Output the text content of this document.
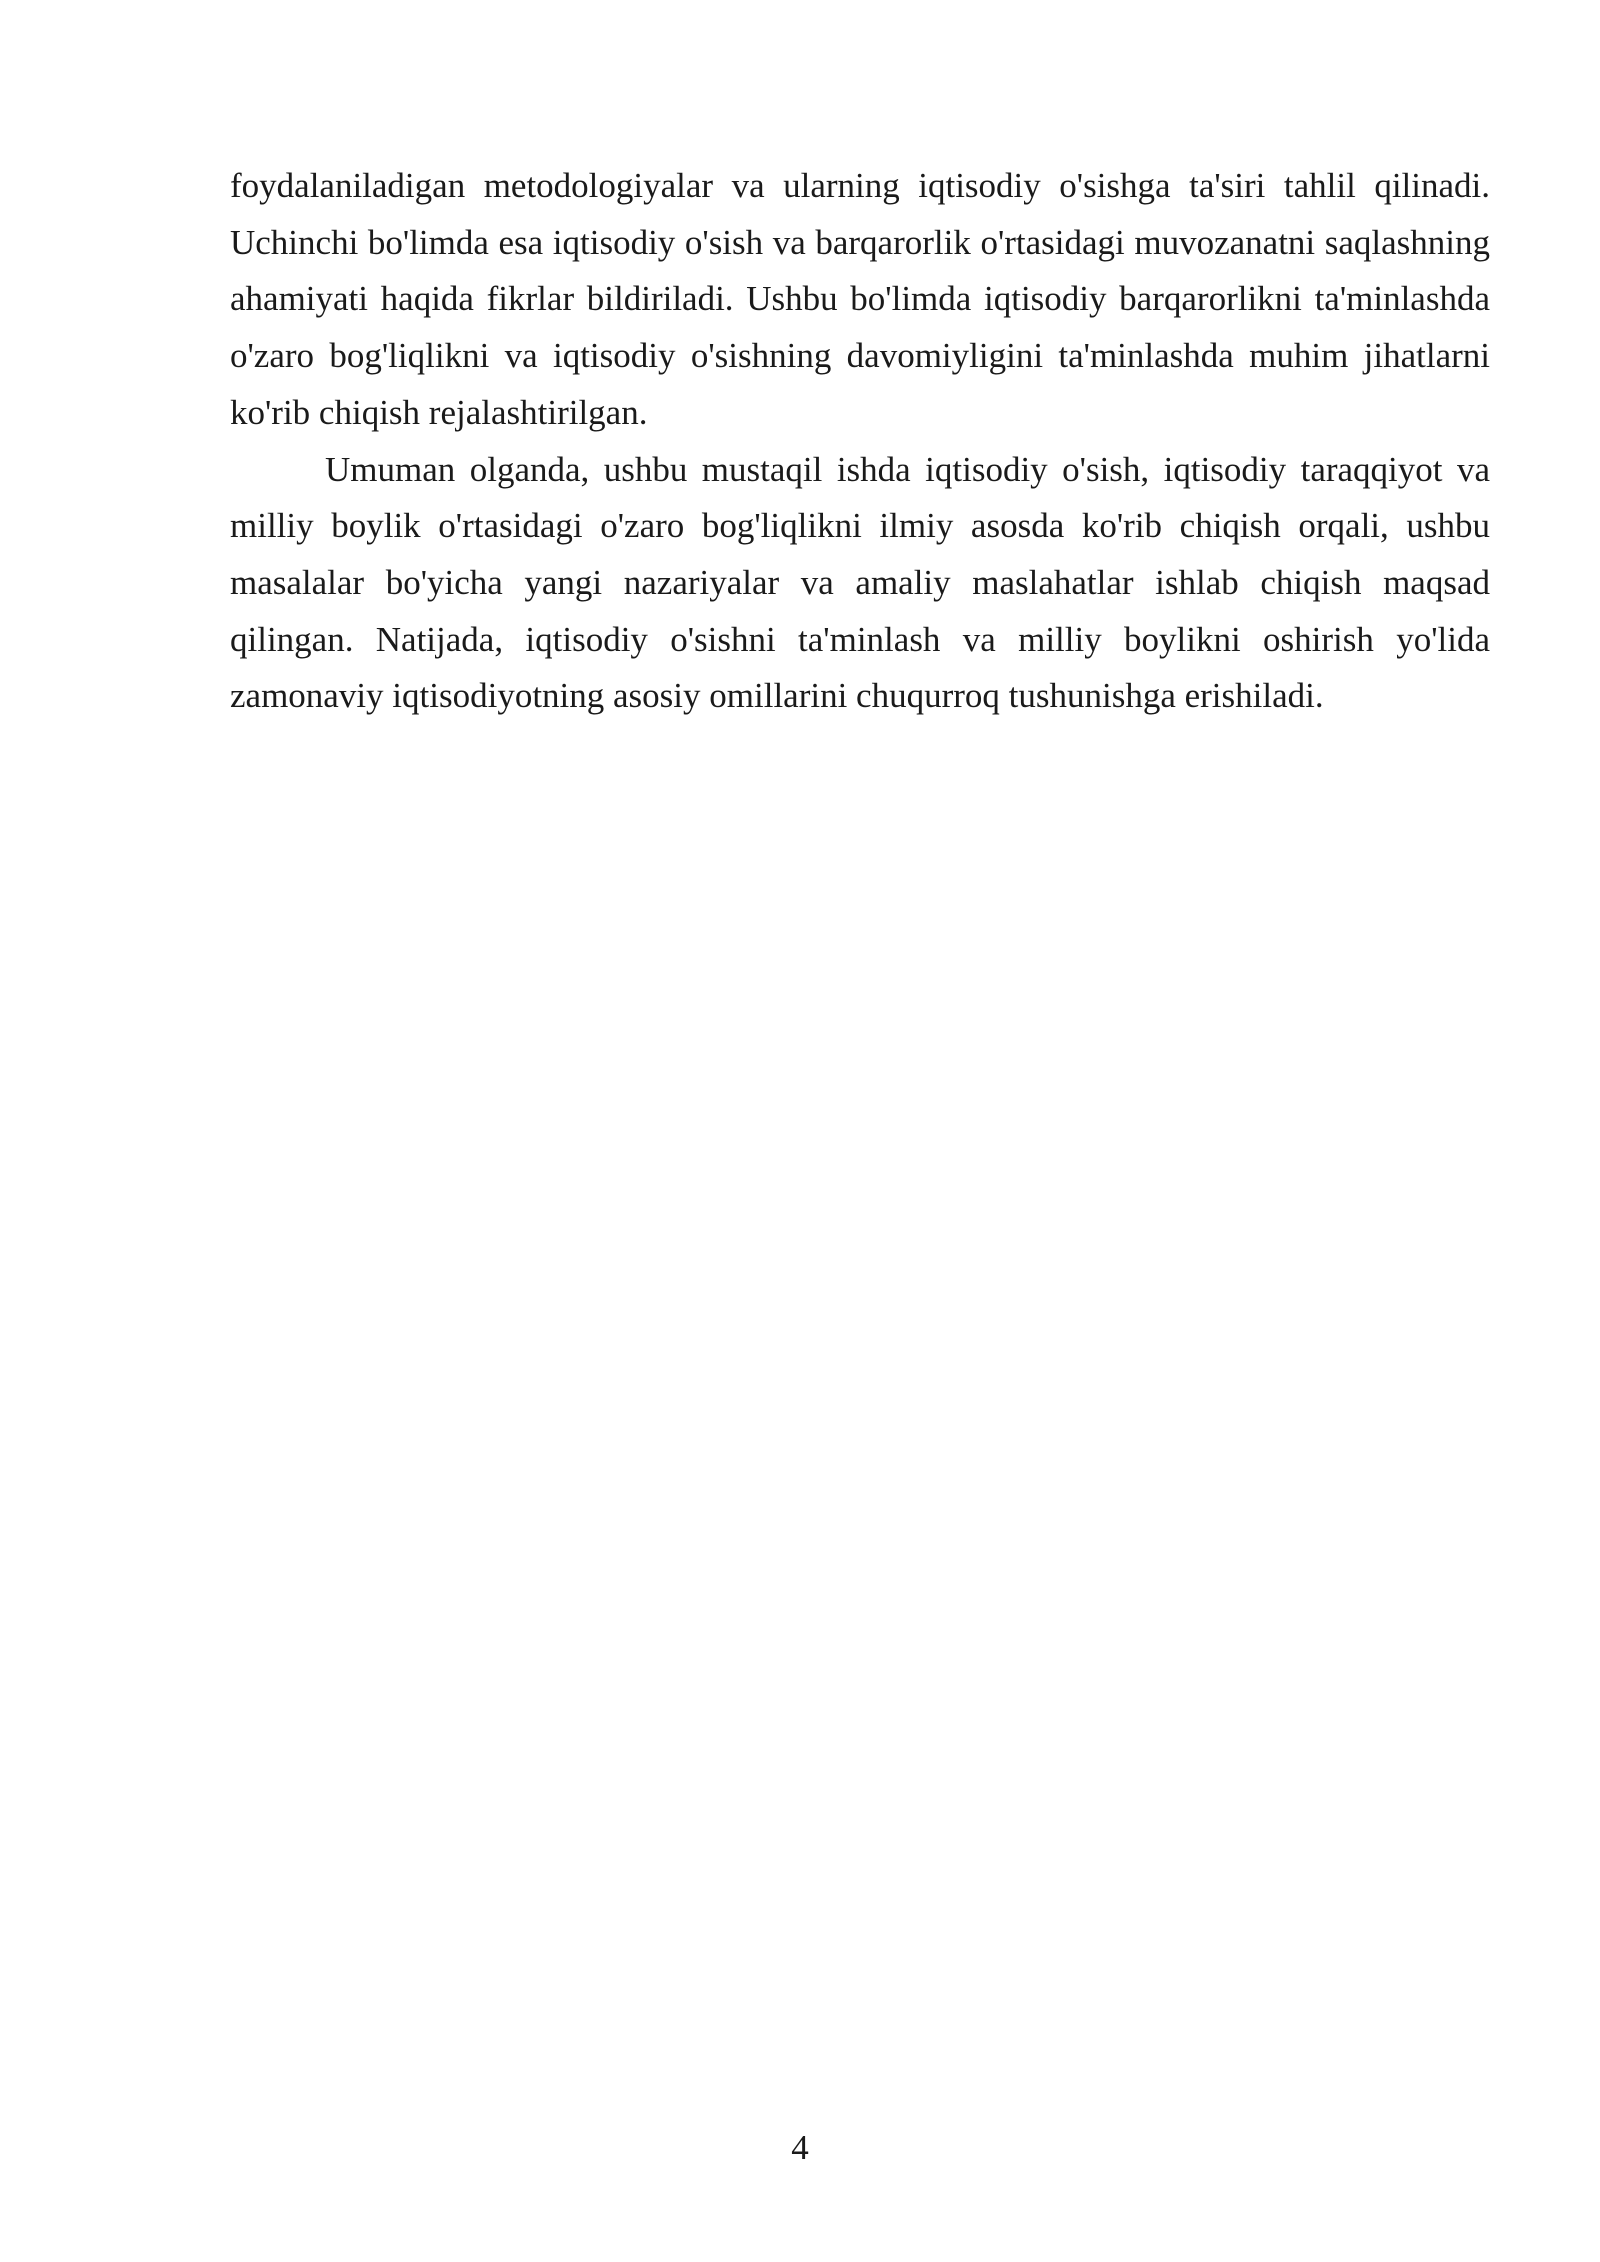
foydalaniladigan metodologiyalar va ularning iqtisodiy o'sishga ta'siri tahlil qilinadi. Uchinchi bo'limda esa iqtisodiy o'sish va barqarorlik o'rtasidagi muvozanatni saqlashning ahamiyati haqida fikrlar bildiriladi. Ushbu bo'limda iqtisodiy barqarorlikni ta'minlashda o'zaro bog'liqlikni va iqtisodiy o'sishning davomiyligini ta'minlashda muhim jihatlarni ko'rib chiqish rejalashtirilgan.

Umuman olganda, ushbu mustaqil ishda iqtisodiy o'sish, iqtisodiy taraqqiyot va milliy boylik o'rtasidagi o'zaro bog'liqlikni ilmiy asosda ko'rib chiqish orqali, ushbu masalalar bo'yicha yangi nazariyalar va amaliy maslahatlar ishlab chiqish maqsad qilingan. Natijada, iqtisodiy o'sishni ta'minlash va milliy boylikni oshirish yo'lida zamonaviy iqtisodiyotning asosiy omillarini chuqurroq tushunishga erishiladi.

4
